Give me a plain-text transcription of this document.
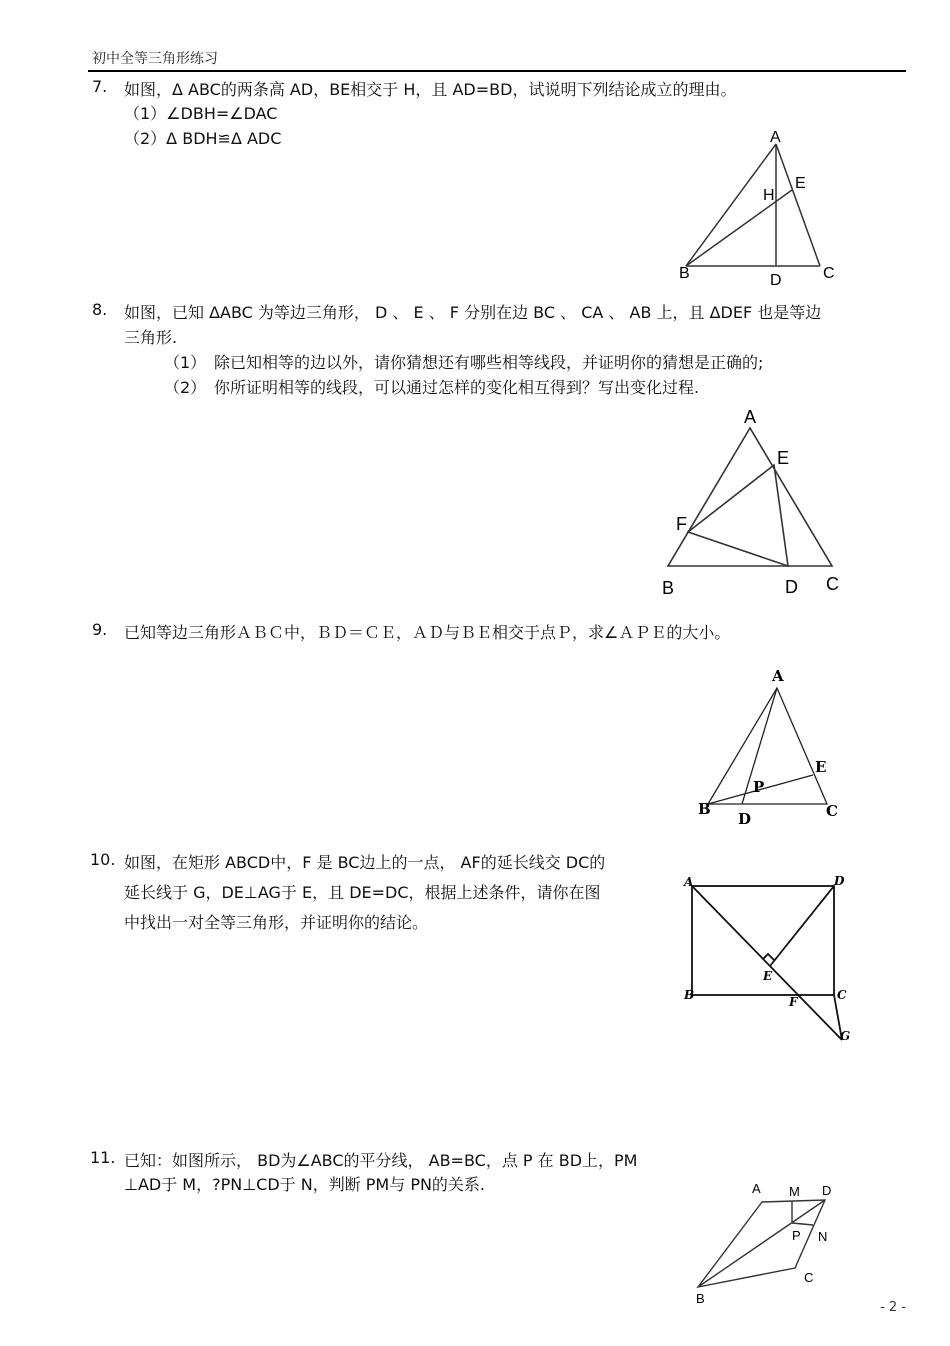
初中全等三角形练习
7. 如图，Δ ABC的两条高 AD，BE相交于 H，且 AD=BD，试说明下列结论成立的理由。
（1）∠DBH=∠DAC
（2）Δ BDH≌Δ ADC	A
E
H
B	D	C
8. 如图，已知 ΔABC 为等边三角形， D 、 E 、 F 分别在边 BC 、 CA 、 AB 上，且 ΔDEF 也是等边
三角形.
（1） 除已知相等的边以外，请你猜想还有哪些相等线段，并证明你的猜想是正确的;
（2） 你所证明相等的线段，可以通过怎样的变化相互得到？写出变化过程.
A
E
F
B	D C
9. 已知等边三角形ＡＢＣ中，ＢＤ＝ＣＥ，ＡＤ与ＢＥ相交于点Ｐ，求∠ＡＰＥ的大小。
A
E
P
B
D	C
10. 如图，在矩形 ABCD中，F 是 BC边上的一点， AF的延长线交 DC的
延长线于 G，DE⊥AG于 E，且 DE=DC，根据上述条件，请你在图
中找出一对全等三角形，并证明你的结论。
A	D
E
B	F	C
G
11. 已知：如图所示， BD为∠ABC的平分线， AB=BC，点 P 在 BD上，PM
⊥AD于 M，?PN⊥CD于 N，判断 PM与 PN的关系.	A M D
P N
C
B
- 2 -
